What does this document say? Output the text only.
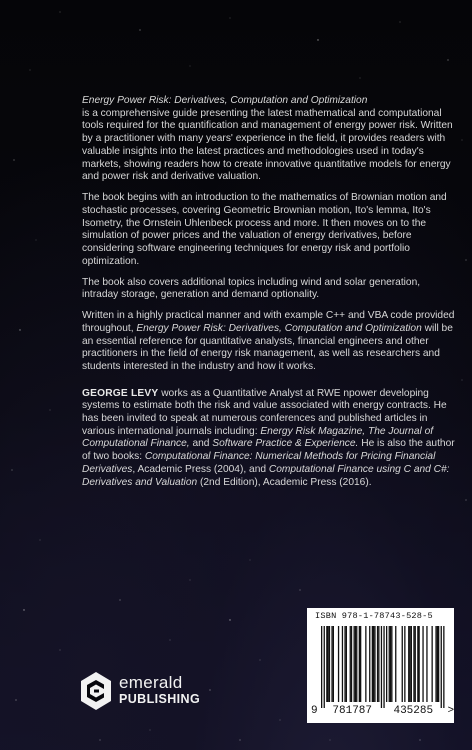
Energy Power Risk: Derivatives, Computation and Optimization
is a comprehensive guide presenting the latest mathematical and computational tools required for the quantification and management of energy power risk. Written by a practitioner with many years' experience in the field, it provides readers with valuable insights into the latest practices and methodologies used in today's markets, showing readers how to create innovative quantitative models for energy and power risk and derivative valuation.

The book begins with an introduction to the mathematics of Brownian motion and stochastic processes, covering Geometric Brownian motion, Ito's lemma, Ito's Isometry, the Ornstein Uhlenbeck process and more. It then moves on to the simulation of power prices and the valuation of energy derivatives, before considering software engineering techniques for energy risk and portfolio optimization.

The book also covers additional topics including wind and solar generation, intraday storage, generation and demand optionality.

Written in a highly practical manner and with example C++ and VBA code provided throughout, Energy Power Risk: Derivatives, Computation and Optimization will be an essential reference for quantitative analysts, financial engineers and other practitioners in the field of energy risk management, as well as researchers and students interested in the industry and how it works.

GEORGE LEVY works as a Quantitative Analyst at RWE npower developing systems to estimate both the risk and value associated with energy contracts. He has been invited to speak at numerous conferences and published articles in various international journals including: Energy Risk Magazine, The Journal of Computational Finance, and Software Practice & Experience. He is also the author of two books: Computational Finance: Numerical Methods for Pricing Financial Derivatives, Academic Press (2004), and Computational Finance using C and C#: Derivatives and Valuation (2nd Edition), Academic Press (2016).

emerald
PUBLISHING
ISBN 978-1-78743-528-5
9 781787 435285 >
